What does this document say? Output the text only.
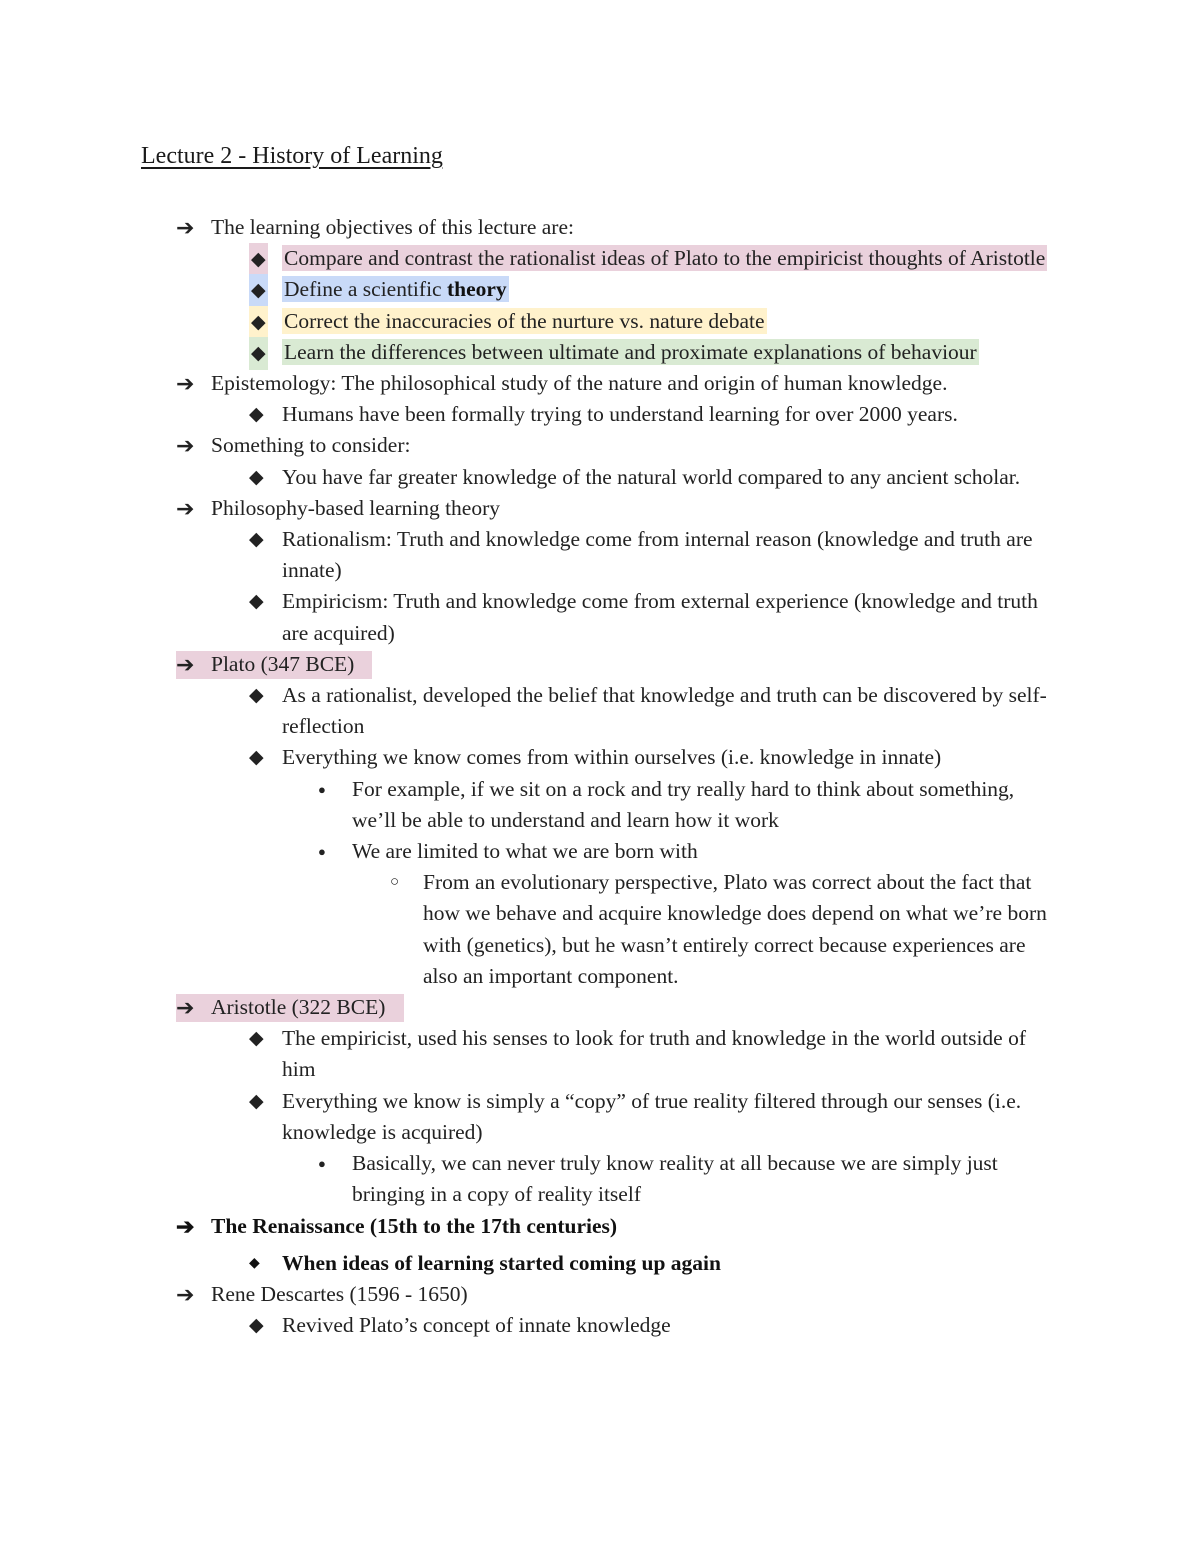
Lecture 2 - History of Learning
➔ The learning objectives of this lecture are:
◆ Compare and contrast the rationalist ideas of Plato to the empiricist thoughts of Aristotle
◆ Define a scientific theory
◆ Correct the inaccuracies of the nurture vs. nature debate
◆ Learn the differences between ultimate and proximate explanations of behaviour
➔ Epistemology: The philosophical study of the nature and origin of human knowledge.
◆ Humans have been formally trying to understand learning for over 2000 years.
➔ Something to consider:
◆ You have far greater knowledge of the natural world compared to any ancient scholar.
➔ Philosophy-based learning theory
◆ Rationalism: Truth and knowledge come from internal reason (knowledge and truth are innate)
◆ Empiricism: Truth and knowledge come from external experience (knowledge and truth are acquired)
➔ Plato (347 BCE)
◆ As a rationalist, developed the belief that knowledge and truth can be discovered by self-reflection
◆ Everything we know comes from within ourselves (i.e. knowledge in innate)
● For example, if we sit on a rock and try really hard to think about something, we’ll be able to understand and learn how it work
● We are limited to what we are born with
○ From an evolutionary perspective, Plato was correct about the fact that how we behave and acquire knowledge does depend on what we’re born with (genetics), but he wasn’t entirely correct because experiences are also an important component.
➔ Aristotle (322 BCE)
◆ The empiricist, used his senses to look for truth and knowledge in the world outside of him
◆ Everything we know is simply a “copy” of true reality filtered through our senses (i.e. knowledge is acquired)
● Basically, we can never truly know reality at all because we are simply just bringing in a copy of reality itself
➔ The Renaissance (15th to the 17th centuries)
◆ When ideas of learning started coming up again
➔ Rene Descartes (1596 - 1650)
◆ Revived Plato’s concept of innate knowledge
